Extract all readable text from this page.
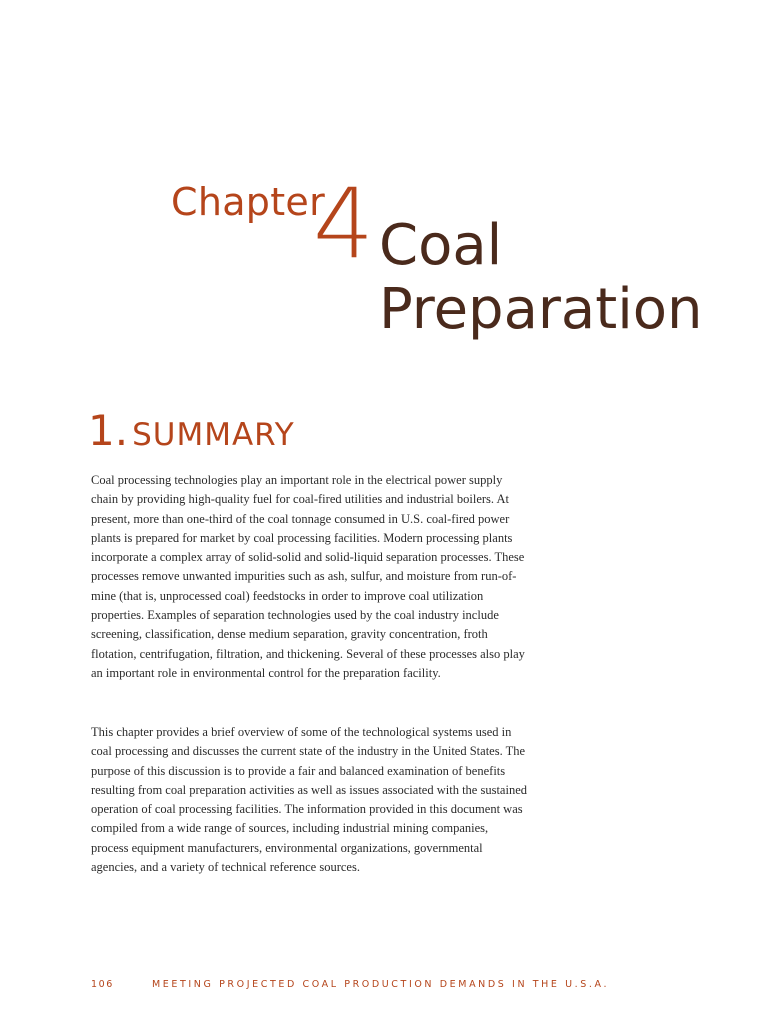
Chapter
4 Coal
Preparation
1. SUMMARY

Coal processing technologies play an important role in the electrical power supply chain by providing high-quality fuel for coal-fired utilities and industrial boilers. At present, more than one-third of the coal tonnage consumed in U.S. coal-fired power plants is prepared for market by coal processing facilities. Modern processing plants incorporate a complex array of solid-solid and solid-liquid separation processes. These processes remove unwanted impurities such as ash, sulfur, and moisture from run-of-mine (that is, unprocessed coal) feedstocks in order to improve coal utilization properties. Examples of separation technologies used by the coal industry include screening, classification, dense medium separation, gravity concentration, froth flotation, centrifugation, filtration, and thickening. Several of these processes also play an important role in environmental control for the preparation facility.

This chapter provides a brief overview of some of the technological systems used in coal processing and discusses the current state of the industry in the United States. The purpose of this discussion is to provide a fair and balanced examination of benefits resulting from coal preparation activities as well as issues associated with the sustained operation of coal processing facilities. The information provided in this document was compiled from a wide range of sources, including industrial mining companies, process equipment manufacturers, environmental organizations, governmental agencies, and a variety of technical reference sources.

106	MEETING PROJECTED COAL PRODUCTION DEMANDS IN THE U.S.A.
